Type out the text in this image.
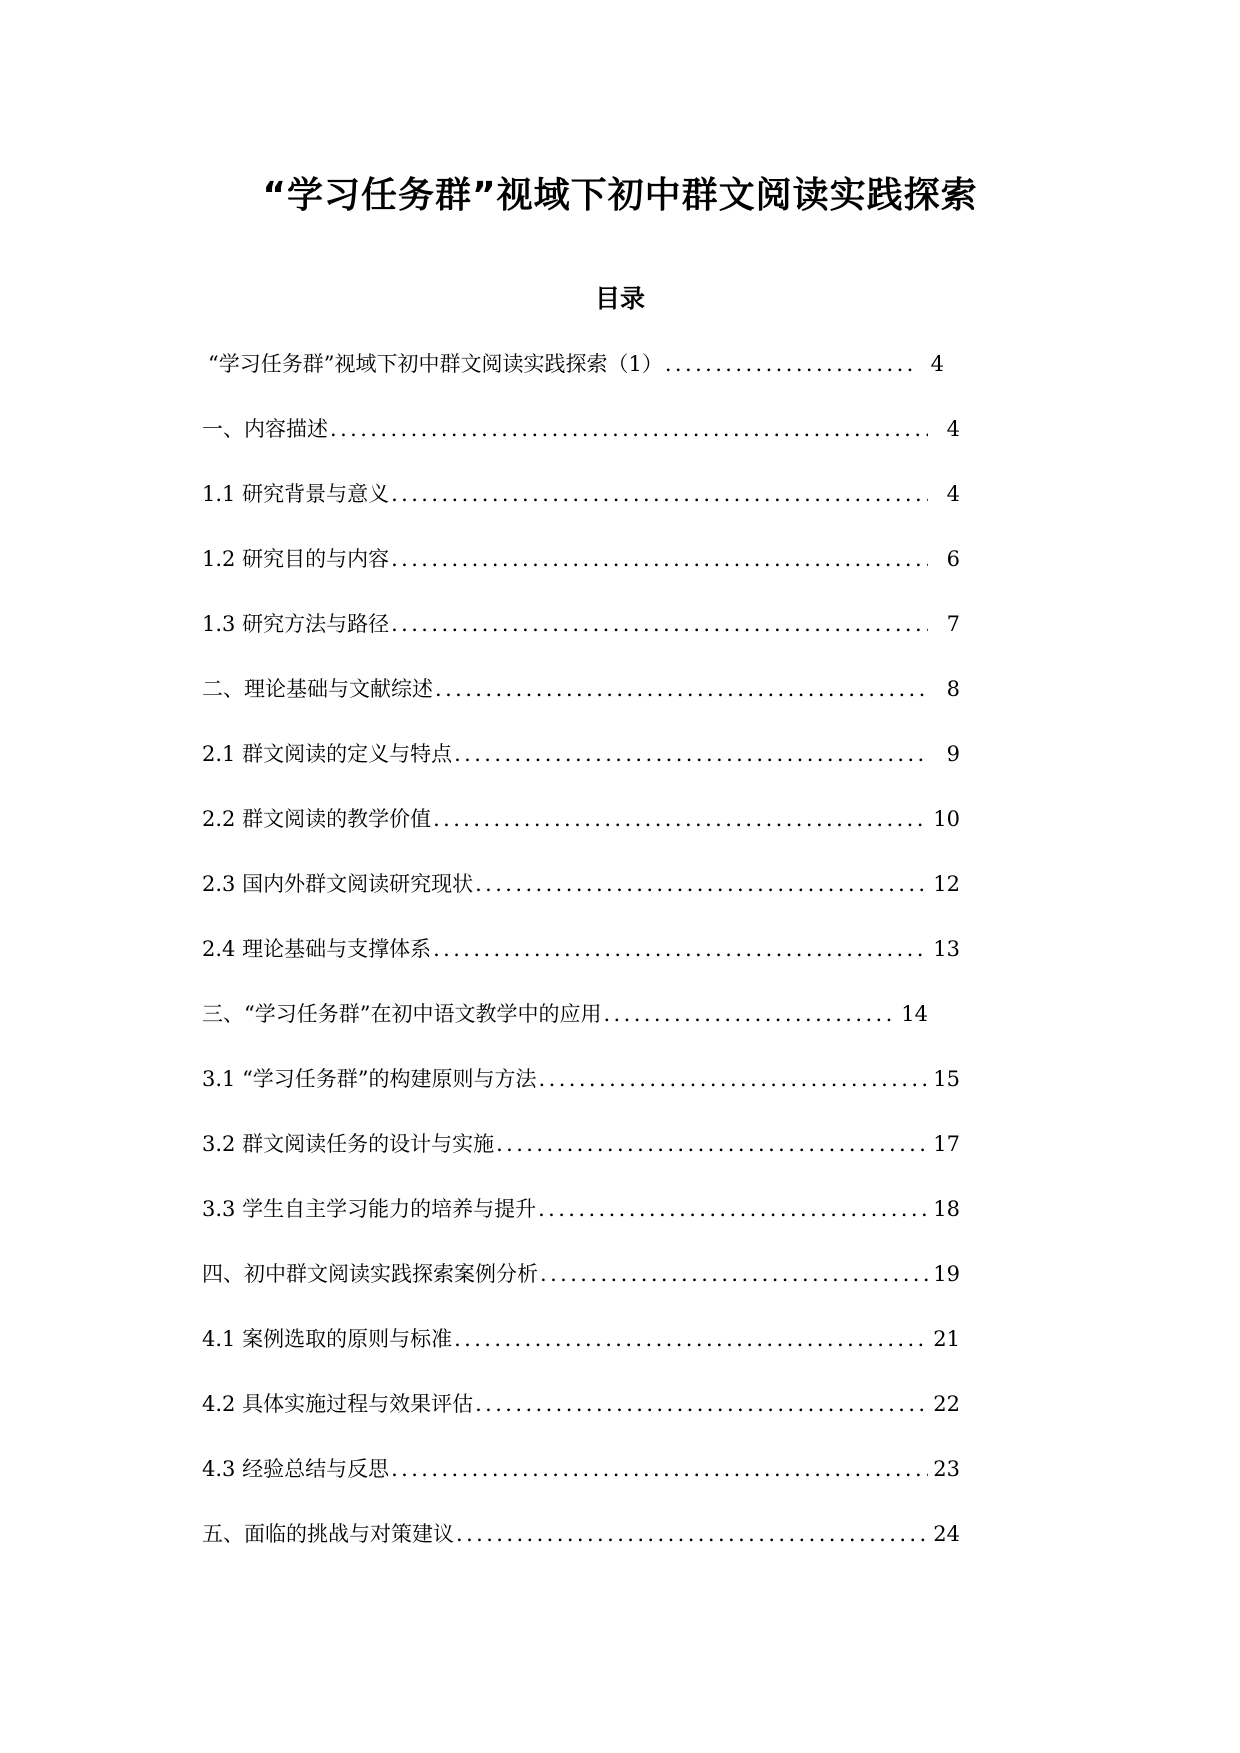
“学习任务群”视域下初中群文阅读实践探索
目录
“学习任务群”视域下初中群文阅读实践探索（1） .....	4
一、内容描述 .....	4
1.1 研究背景与意义 .....	4
1.2 研究目的与内容 .....	6
1.3 研究方法与路径 .....	7
二、理论基础与文献综述 .....	8
2.1 群文阅读的定义与特点 .....	9
2.2 群文阅读的教学价值 .....	10
2.3 国内外群文阅读研究现状 .....	12
2.4 理论基础与支撑体系 .....	13
三、“学习任务群”在初中语文教学中的应用 .....	14
3.1 “学习任务群”的构建原则与方法 .....	15
3.2 群文阅读任务的设计与实施 .....	17
3.3 学生自主学习能力的培养与提升 .....	18
四、初中群文阅读实践探索案例分析 .....	19
4.1 案例选取的原则与标准 .....	21
4.2 具体实施过程与效果评估 .....	22
4.3 经验总结与反思 .....	23
五、面临的挑战与对策建议 .....	24
